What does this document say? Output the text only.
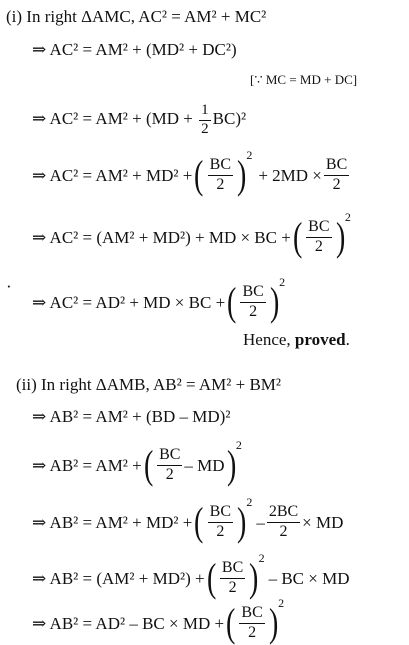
(i) In right ΔAMC, AC² = AM² + MC²
⇒ AC² = AM² + (MD² + DC²)
[∵ MC = MD + DC]
⇒ $AC^2 = AM^2 + (MD + \frac{1}{2} BC)^2$
⇒ AC² = AM² + MD² + ( $\frac{BC}{2}$ ) 2
+ $2MD \times \frac{BC}{2}$
⇒ AC² = (AM² + MD²) + MD × BC + ( $\frac{BC}{2}$ ) 2
·
⇒ AC² = AD² + MD × BC + ( $\frac{BC}{2}$ ) 2
Hence, proved.
(ii) In right ΔAMB, AB² = AM² + BM²
⇒ AB² = AM² + (BD – MD)²
⇒ AB² = AM² + ( $\frac{BC}{2}$ – MD ) 2
⇒ AB² = AM² + MD² + ( $\frac{BC}{2}$ ) 2
– $\frac{2BC}{2}$ × MD
⇒ AB² = (AM² + MD²) + ( $\frac{BC}{2}$ ) 2
– BC × MD
⇒ AB² = AD² – BC × MD + ( $\frac{BC}{2}$ ) 2
